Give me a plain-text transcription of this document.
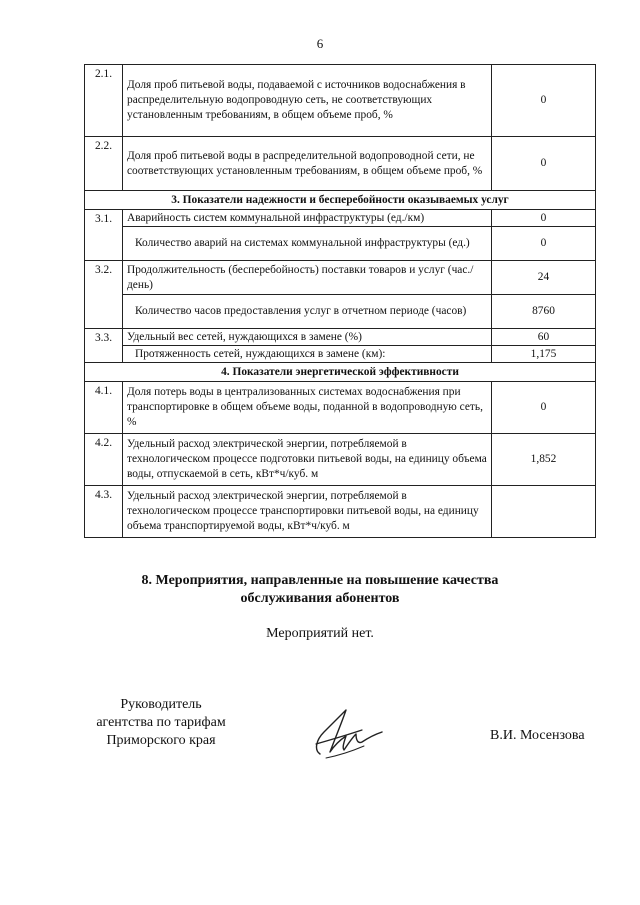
6
2.1.	Доля проб питьевой воды, подаваемой с источников водоснабжения в распределительную водопроводную сеть, не соответствующих установленным требованиям, в общем объеме проб, %	0
2.2.	Доля проб питьевой воды в распределительной водопроводной сети, не соответствующих установленным требованиям, в общем объеме проб, %	0
3. Показатели надежности и бесперебойности оказываемых услуг		
3.1.	Аварийность систем коммунальной инфраструктуры (ед./км)	0
	Количество аварий на системах коммунальной инфраструктуры (ед.)	0
3.2.	Продолжительность (бесперебойность) поставки товаров и услуг (час./день)	24
	Количество часов предоставления услуг в отчетном периоде (часов)	8760
3.3.	Удельный вес сетей, нуждающихся в замене (%)	60
	Протяженность сетей, нуждающихся в замене (км):	1,175
4. Показатели энергетической эффективности		
4.1.	Доля потерь воды в централизованных системах водоснабжения при транспортировке в общем объеме воды, поданной в водопроводную сеть, %	0
4.2.	Удельный расход электрической энергии, потребляемой в технологическом процессе подготовки питьевой воды, на единицу объема воды, отпускаемой в сеть, кВт*ч/куб. м	1,852
4.3.	Удельный расход электрической энергии, потребляемой в технологическом процессе транспортировки питьевой воды, на единицу объема транспортируемой воды, кВт*ч/куб. м	
8. Мероприятия, направленные на повышение качества
обслуживания абонентов
Мероприятий нет.
Руководитель
агентства по тарифам
Приморского края	В.И. Мосензова
